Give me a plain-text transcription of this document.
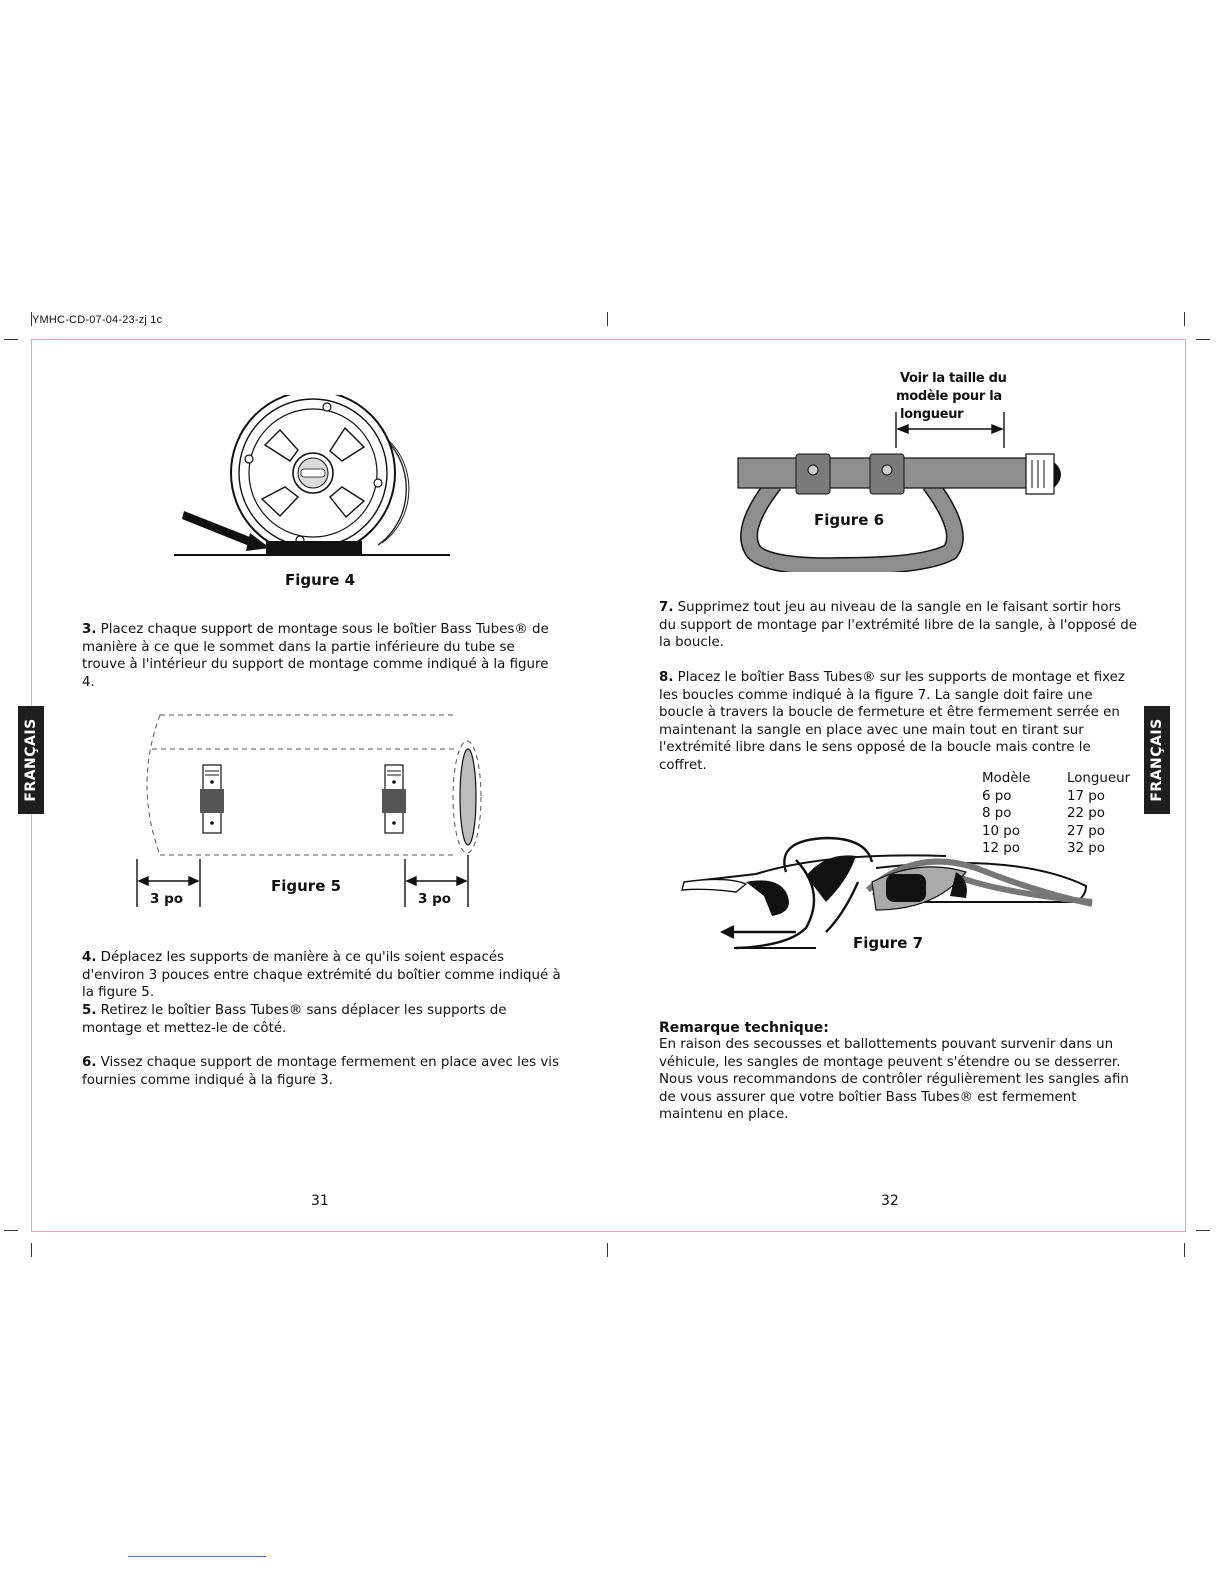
YMHC-CD-07-04-23-zj 1c
FRANÇAIS	FRANÇAIS
Figure 4

3. Placez chaque support de montage sous le boîtier Bass Tubes® de manière à ce que le sommet dans la partie inférieure du tube se trouve à l'intérieur du support de montage comme indiqué à la figure 4.

3 po	3 po
Figure 5

4. Déplacez les supports de manière à ce qu'ils soient espacés d'environ 3 pouces entre chaque extrémité du boîtier comme indiqué à la figure 5.

5. Retirez le boîtier Bass Tubes® sans déplacer les supports de montage et mettez-le de côté.

6. Vissez chaque support de montage fermement en place avec les vis fournies comme indiqué à la figure 3.

31
Voir la taille du
modèle pour la
longueur
Figure 6

7. Supprimez tout jeu au niveau de la sangle en le faisant sortir hors du support de montage par l'extrémité libre de la sangle, à l'opposé de la boucle.

8. Placez le boîtier Bass Tubes® sur les supports de montage et fixez les boucles comme indiqué à la figure 7. La sangle doit faire une boucle à travers la boucle de fermeture et être fermement serrée en maintenant la sangle en place avec une main tout en tirant sur l'extrémité libre dans le sens opposé de la boucle mais contre le coffret.

Modèle	Longueur
6 po	17 po
8 po	22 po
10 po	27 po
12 po	32 po
Figure 7

Remarque technique:

En raison des secousses et ballottements pouvant survenir dans un véhicule, les sangles de montage peuvent s'étendre ou se desserrer. Nous vous recommandons de contrôler régulièrement les sangles afin de vous assurer que votre boîtier Bass Tubes® est fermement maintenu en place.

32
